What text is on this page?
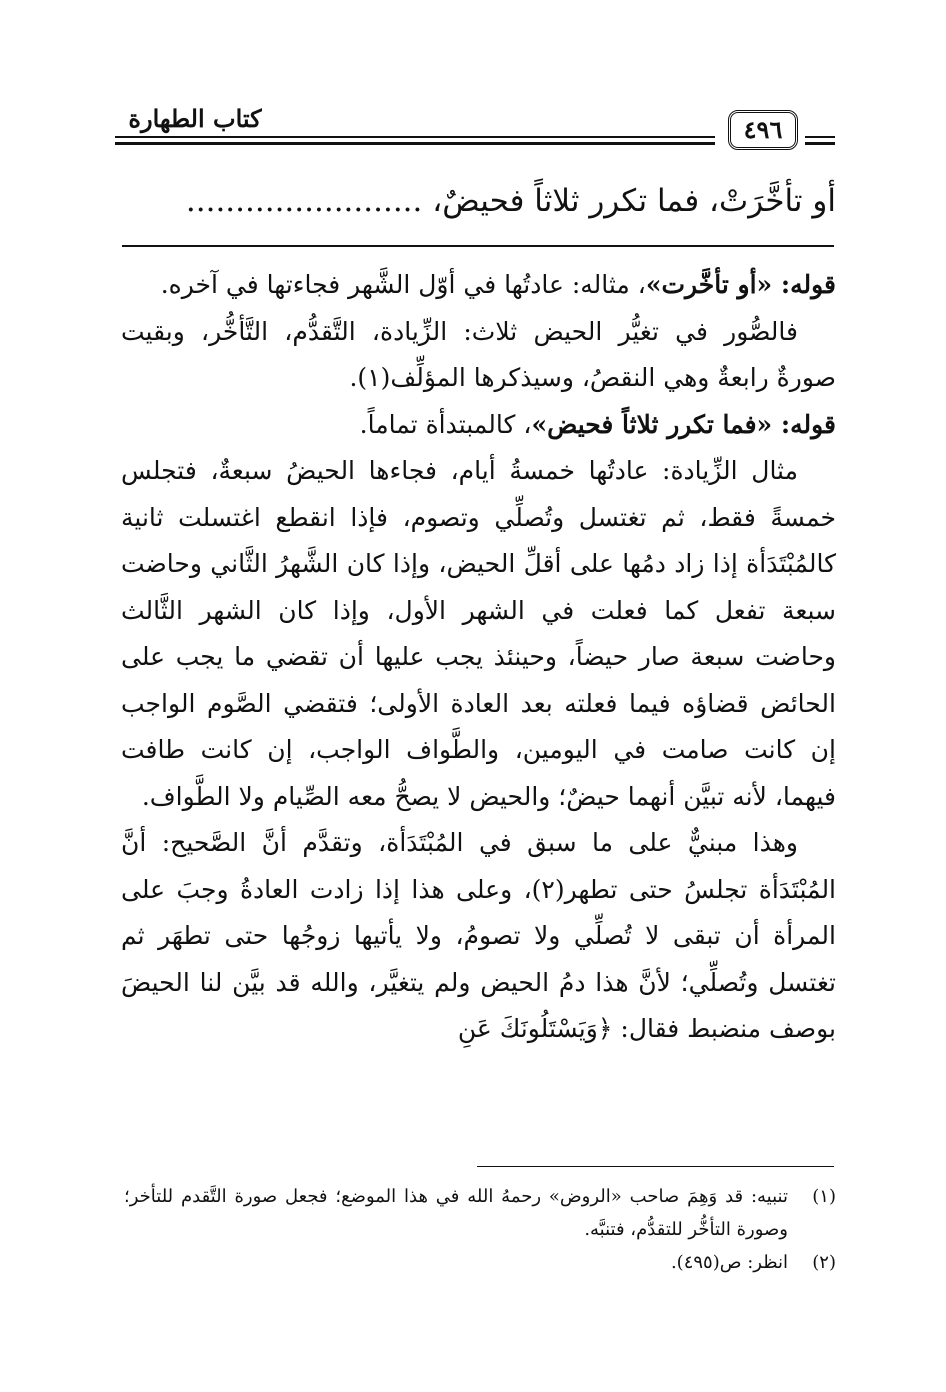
كتاب الطهارة	٤٩٦
أو تأخَّرَتْ، فما تكرر ثلاثاً فحيضٌ، ........................

قوله: «أو تأخَّرت»، مثاله: عادتُها في أوّل الشَّهر فجاءتها في آخره.

فالصُّور في تغيُّر الحيض ثلاث: الزِّيادة، التَّقدُّم، التَّأخُّر، وبقيت صورةٌ رابعةٌ وهي النقصُ، وسيذكرها المؤلِّف(١).

قوله: «فما تكرر ثلاثاً فحيض»، كالمبتدأة تماماً.

مثال الزِّيادة: عادتُها خمسةُ أيام، فجاءها الحيضُ سبعةٌ، فتجلس خمسةً فقط، ثم تغتسل وتُصلِّي وتصوم، فإذا انقطع اغتسلت ثانية كالمُبْتَدَأة إذا زاد دمُها على أقلِّ الحيض، وإذا كان الشَّهرُ الثَّاني وحاضت سبعة تفعل كما فعلت في الشهر الأول، وإذا كان الشهر الثَّالث وحاضت سبعة صار حيضاً، وحينئذ يجب عليها أن تقضي ما يجب على الحائض قضاؤه فيما فعلته بعد العادة الأولى؛ فتقضي الصَّوم الواجب إن كانت صامت في اليومين، والطَّواف الواجب، إن كانت طافت فيهما، لأنه تبيَّن أنهما حيضٌ؛ والحيض لا يصحُّ معه الصِّيام ولا الطَّواف.

وهذا مبنيٌّ على ما سبق في المُبْتَدَأة، وتقدَّم أنَّ الصَّحيح: أنَّ المُبْتَدَأة تجلسُ حتى تطهر(٢)، وعلى هذا إذا زادت العادةُ وجبَ على المرأة أن تبقى لا تُصلِّي ولا تصومُ، ولا يأتيها زوجُها حتى تطهَر ثم تغتسل وتُصلِّي؛ لأنَّ هذا دمُ الحيض ولم يتغيَّر، والله قد بيَّن لنا الحيضَ بوصف منضبط فقال: ﴿وَيَسْتَلُونَكَ عَنِ

(١)
تنبيه: قد وَهِمَ صاحب «الروض» رحمهُ الله في هذا الموضع؛ فجعل صورة التَّقدم للتأخر؛ وصورة التأخُّر للتقدُّم، فتنبَّه.
(٢)
انظر: ص(٤٩٥).
